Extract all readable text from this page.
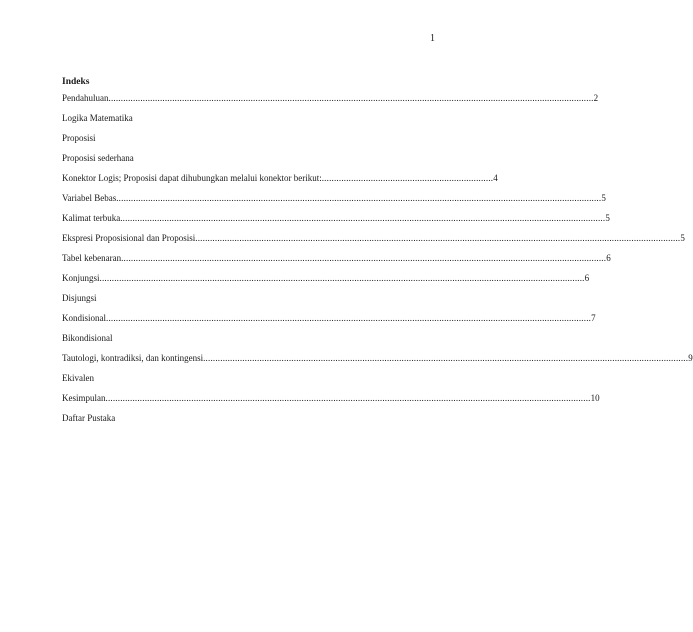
1
Indeks
Pendahuluan ...................................................................................................................................................................................................... 2
Logika Matematika
Proposisi
Proposisi sederhana
Konektor Logis; Proposisi dapat dihubungkan melalui konektor berikut: ...................................................................... 4
Variabel Bebas ...................................................................................................................................................................................................... 5
Kalimat terbuka ...................................................................................................................................................................................................... 5
Ekspresi Proposisional dan Proposisi ...................................................................................................................................................................................................... 5
Tabel kebenaran ...................................................................................................................................................................................................... 6
Konjungsi ...................................................................................................................................................................................................... 6
Disjungsi
Kondisional ...................................................................................................................................................................................................... 7
Bikondisional
Tautologi, kontradiksi, dan kontingensi ...................................................................................................................................................................................................... 9
Ekivalen
Kesimpulan ...................................................................................................................................................................................................... 10
Daftar Pustaka
